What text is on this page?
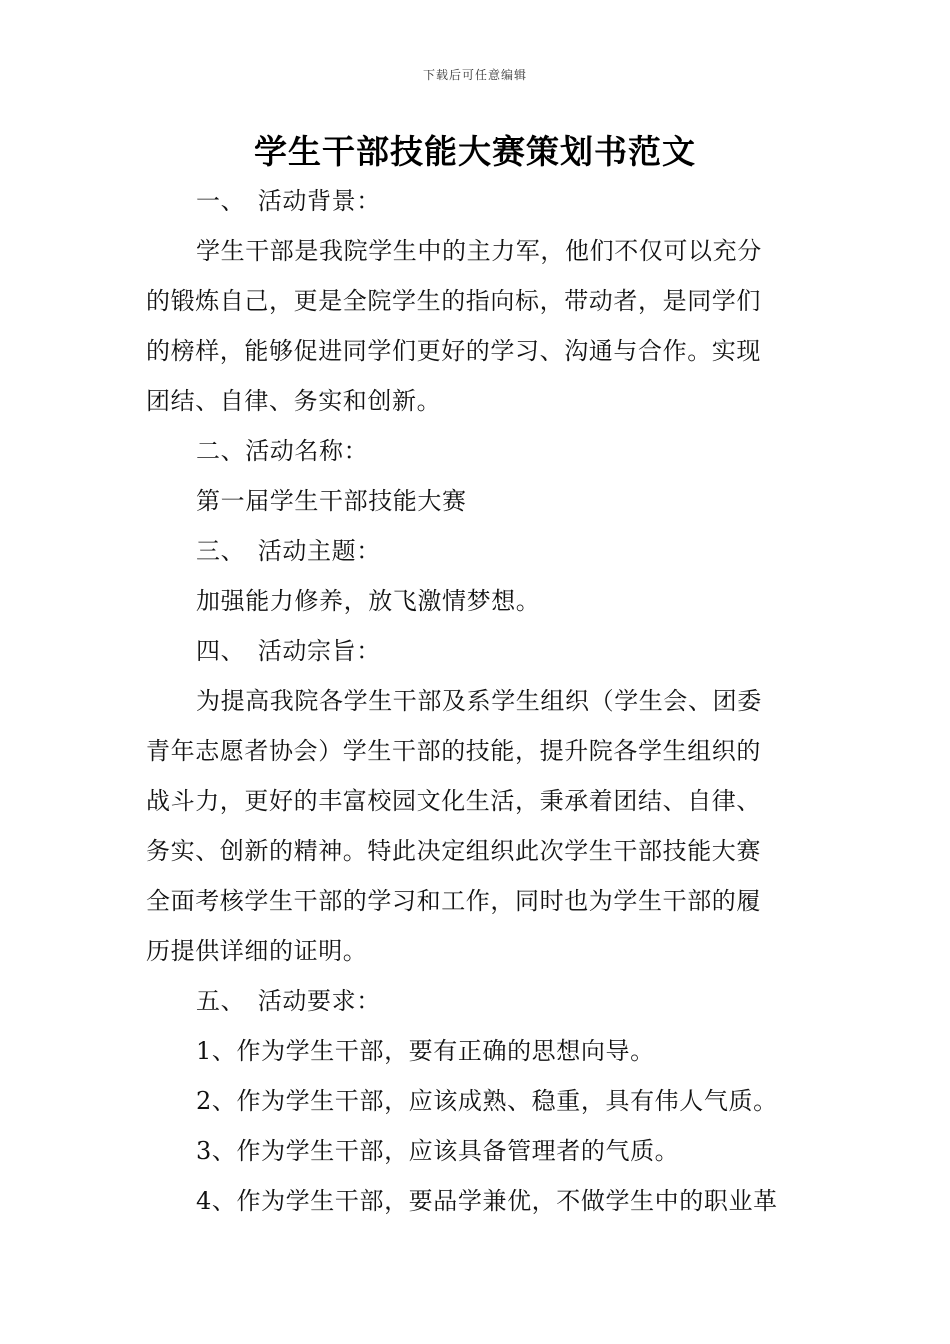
下载后可任意编辑
学生干部技能大赛策划书范文
一、　活动背景：
学生干部是我院学生中的主力军，他们不仅可以充分
的锻炼自己，更是全院学生的指向标，带动者，是同学们
的榜样，能够促进同学们更好的学习、沟通与合作。实现
团结、自律、务实和创新。
二、活动名称：
第一届学生干部技能大赛
三、　活动主题：
加强能力修养，放飞激情梦想。
四、　活动宗旨：
为提高我院各学生干部及系学生组织（学生会、团委
青年志愿者协会）学生干部的技能，提升院各学生组织的
战斗力，更好的丰富校园文化生活，秉承着团结、自律、
务实、创新的精神。特此决定组织此次学生干部技能大赛
全面考核学生干部的学习和工作，同时也为学生干部的履
历提供详细的证明。
五、　活动要求：
1、作为学生干部，要有正确的思想向导。
2、作为学生干部，应该成熟、稳重，具有伟人气质。
3、作为学生干部，应该具备管理者的气质。
4、作为学生干部，要品学兼优，不做学生中的职业革
